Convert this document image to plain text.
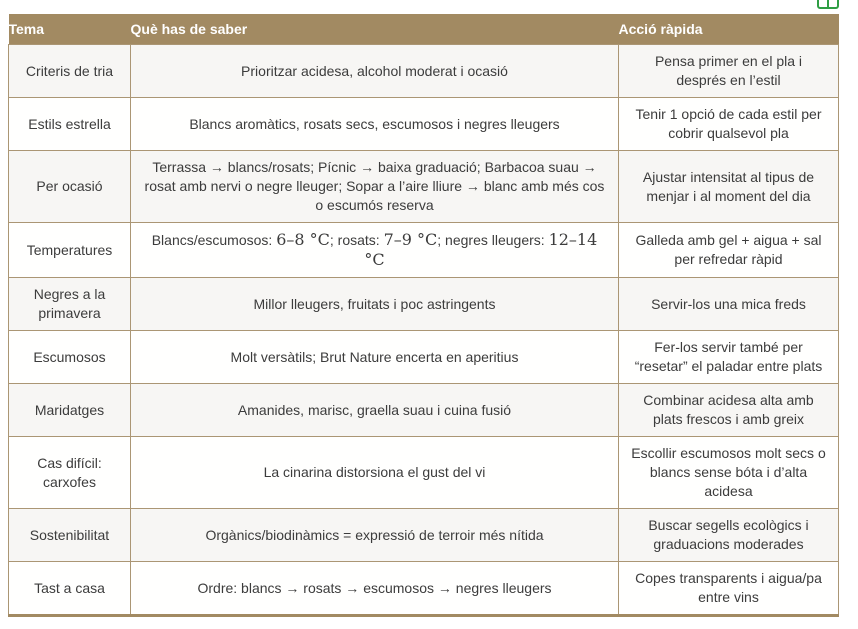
Tema	Què has de saber	Acció ràpida
Criteris de tria	Prioritzar acidesa, alcohol moderat i ocasió	Pensa primer en el pla i després en l’estil
Estils estrella	Blancs aromàtics, rosats secs, escumosos i negres lleugers	Tenir 1 opció de cada estil per cobrir qualsevol pla
Per ocasió	Terrassa → blancs/rosats; Pícnic → baixa graduació; Barbacoa suau → rosat amb nervi o negre lleuger; Sopar a l’aire lliure → blanc amb més cos o escumós reserva	Ajustar intensitat al tipus de menjar i al moment del dia
Temperatures	Blancs/escumosos: 6–8 °C; rosats: 7–9 °C; negres lleugers: 12–14 °C	Galleda amb gel + aigua + sal per refredar ràpid
Negres a la primavera	Millor lleugers, fruitats i poc astringents	Servir-los una mica freds
Escumosos	Molt versàtils; Brut Nature encerta en aperitius	Fer-los servir també per “resetar” el paladar entre plats
Maridatges	Amanides, marisc, graella suau i cuina fusió	Combinar acidesa alta amb plats frescos i amb greix
Cas difícil: carxofes	La cinarina distorsiona el gust del vi	Escollir escumosos molt secs o blancs sense bóta i d’alta acidesa
Sostenibilitat	Orgànics/biodinàmics = expressió de terroir més nítida	Buscar segells ecològics i graduacions moderades
Tast a casa	Ordre: blancs → rosats → escumosos → negres lleugers	Copes transparents i aigua/pa entre vins
